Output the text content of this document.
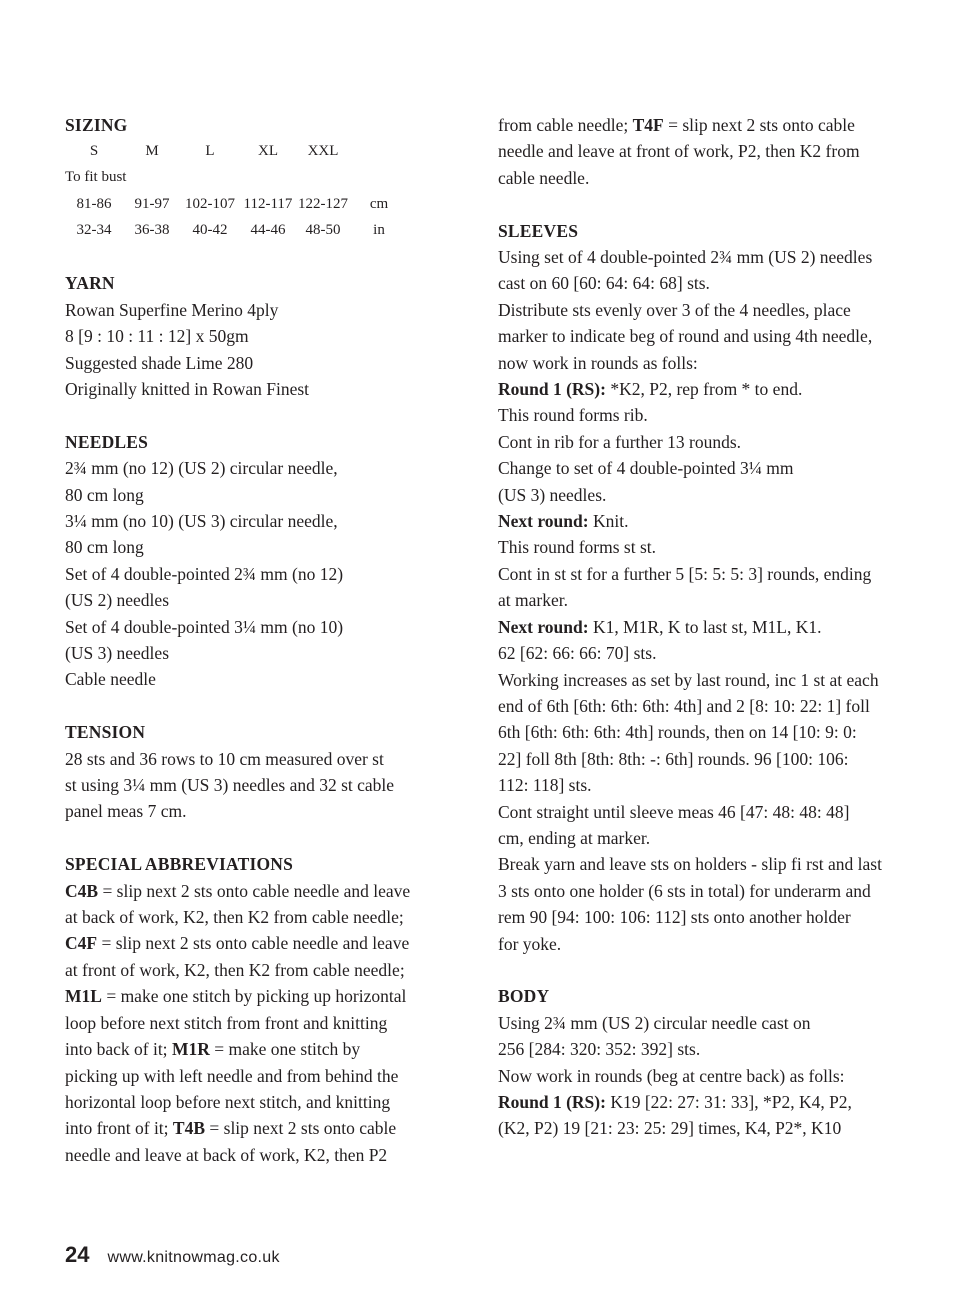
SIZING
S	M	L	XL	XXL	
To fit bust					
81-86	91-97	102-107	112-117	122-127	cm
32-34	36-38	40-42	44-46	48-50	in
YARN
Rowan Superfine Merino 4ply
8 [9 : 10 : 11 : 12] x 50gm
Suggested shade Lime 280
Originally knitted in Rowan Finest
NEEDLES
2¾ mm (no 12) (US 2) circular needle,
80 cm long
3¼ mm (no 10) (US 3) circular needle,
80 cm long
Set of 4 double-pointed 2¾ mm (no 12)
(US 2) needles
Set of 4 double-pointed 3¼ mm (no 10)
(US 3) needles
Cable needle
TENSION
28 sts and 36 rows to 10 cm measured over st
st using 3¼ mm (US 3) needles and 32 st cable
panel meas 7 cm.
SPECIAL ABBREVIATIONS
C4B = slip next 2 sts onto cable needle and leave
at back of work, K2, then K2 from cable needle;
C4F = slip next 2 sts onto cable needle and leave
at front of work, K2, then K2 from cable needle;
M1L = make one stitch by picking up horizontal
loop before next stitch from front and knitting
into back of it; M1R = make one stitch by
picking up with left needle and from behind the
horizontal loop before next stitch, and knitting
into front of it; T4B = slip next 2 sts onto cable
needle and leave at back of work, K2, then P2
from cable needle; T4F = slip next 2 sts onto cable
needle and leave at front of work, P2, then K2 from
cable needle.
SLEEVES
Using set of 4 double-pointed 2¾ mm (US 2) needles
cast on 60 [60: 64: 64: 68] sts.
Distribute sts evenly over 3 of the 4 needles, place
marker to indicate beg of round and using 4th needle,
now work in rounds as folls:
Round 1 (RS): *K2, P2, rep from * to end.
This round forms rib.
Cont in rib for a further 13 rounds.
Change to set of 4 double-pointed 3¼ mm
(US 3) needles.
Next round: Knit.
This round forms st st.
Cont in st st for a further 5 [5: 5: 5: 3] rounds, ending
at marker.
Next round: K1, M1R, K to last st, M1L, K1.
62 [62: 66: 66: 70] sts.
Working increases as set by last round, inc 1 st at each
end of 6th [6th: 6th: 6th: 4th] and 2 [8: 10: 22: 1] foll
6th [6th: 6th: 6th: 4th] rounds, then on 14 [10: 9: 0:
22] foll 8th [8th: 8th: -: 6th] rounds. 96 [100: 106:
112: 118] sts.
Cont straight until sleeve meas 46 [47: 48: 48: 48]
cm, ending at marker.
Break yarn and leave sts on holders - slip fi rst and last
3 sts onto one holder (6 sts in total) for underarm and
rem 90 [94: 100: 106: 112] sts onto another holder
for yoke.
BODY
Using 2¾ mm (US 2) circular needle cast on
256 [284: 320: 352: 392] sts.
Now work in rounds (beg at centre back) as folls:
Round 1 (RS): K19 [22: 27: 31: 33], *P2, K4, P2,
(K2, P2) 19 [21: 23: 25: 29] times, K4, P2*, K10
24 www.knitnowmag.co.uk
